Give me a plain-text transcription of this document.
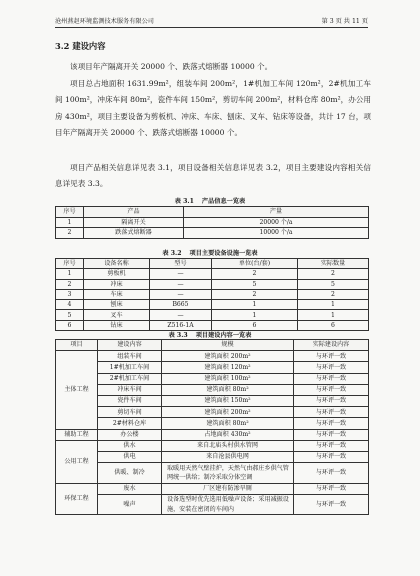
沧州燕赵环境监测技术服务有限公司	第 3 页 共 11 页
3.2 建设内容
该项目年产隔离开关 20000 个、跌落式熔断器 10000 个。
项目总占地面积 1631.99m²，组装车间 200m²，1#机加工车间 120m²，2#机加工车间 100m²，冲床车间 80m²，瓷件车间 150m²，剪切车间 200m²，材料仓库 80m²，办公用房 430m²，项目主要设备为剪板机、冲床、车床、刨床、叉车、钻床等设备，共计 17 台，项目年产隔离开关 20000 个、跌落式熔断器 10000 个。
项目产品相关信息详见表 3.1，项目设备相关信息详见表 3.2，项目主要建设内容相关信息详见表 3.3。
表 3.1 产品信息一览表
序号	产品	产量
1	隔离开关	20000 个/a
2	跌落式熔断器	10000 个/a
表 3.2 项目主要设备设施一览表
序号	设备名称	型号	单位(台/套)	实际数量
1	剪板机	—	2	2
2	冲床	—	5	5
3	车床	—	2	2
4	刨床	B665	1	1
5	叉车	—	1	1
6	钻床	Z516-1A	6	6
表 3.3 项目建设内容一览表
项目	建设内容	规模	实际建设内容
主体工程	组装车间	建筑面积 200m²	与环评一致
	1#机加工车间	建筑面积 120m²	与环评一致
	2#机加工车间	建筑面积 100m²	与环评一致
	冲床车间	建筑面积 80m²	与环评一致
	瓷件车间	建筑面积 150m²	与环评一致
	剪切车间	建筑面积 200m²	与环评一致
	2#材料仓库	建筑面积 80m²	与环评一致
辅助工程	办公楼	占地面积 430m²	与环评一致
公用工程	供水	来自北庙头村供水管网	与环评一致
	供电	来自沧县供电网	与环评一致
	供暖、制冷	取暖用天然气壁挂炉，天然气由郝庄乡供气管网统一供给；制冷采取分体空调	与环评一致
环保工程	废水	厂区建有防渗旱厕	与环评一致
	噪声	设备选型时优先选用低噪声设备；采用减振设施，安装在密闭的车间内	与环评一致
